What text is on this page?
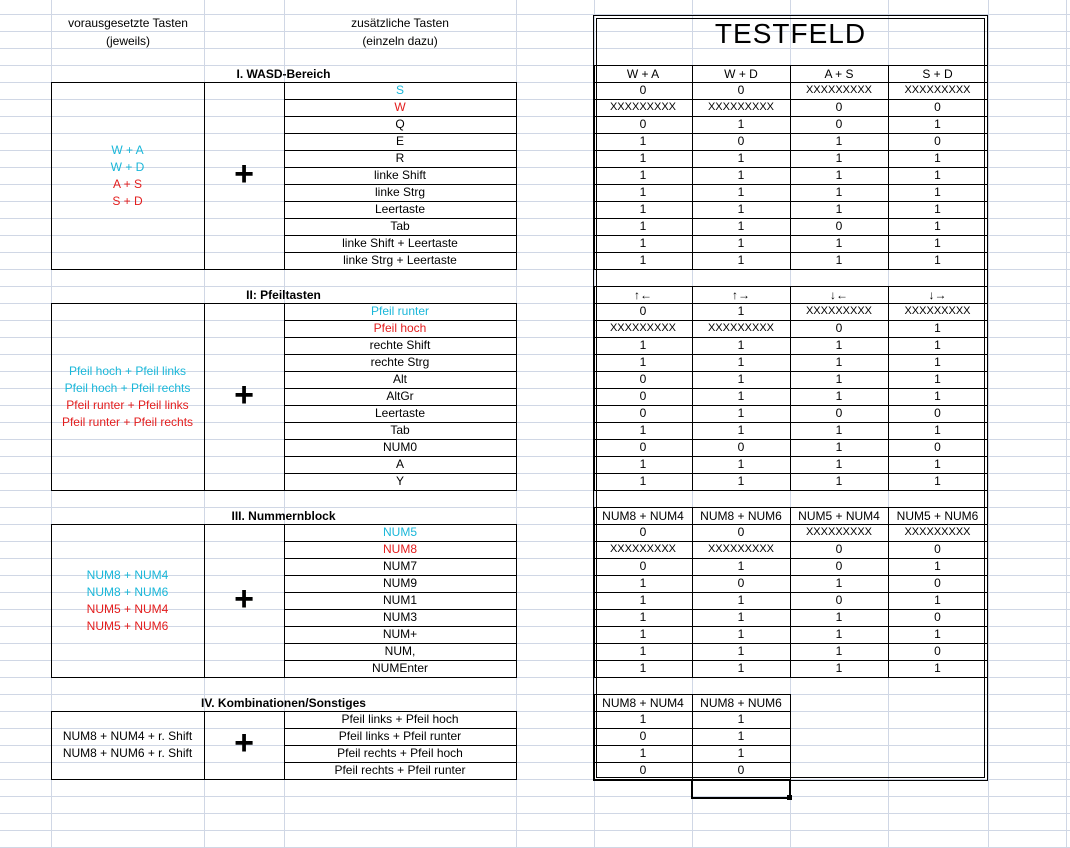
vorausgesetzte Tasten
(jeweils)
zusätzliche Tasten
(einzeln dazu)	TESTFELD
I. WASD-Bereich
W + A
W + D
A + S
S + D
+
W + A	W + D	A + S	S + D
S	0	0	XXXXXXXXX	XXXXXXXXX
W	XXXXXXXXX	XXXXXXXXX	0	0
Q	0	1	0	1
E	1	0	1	0
R	1	1	1	1
linke Shift	1	1	1	1
linke Strg	1	1	1	1
Leertaste	1	1	1	1
Tab	1	1	0	1
linke Shift + Leertaste	1	1	1	1
linke Strg + Leertaste	1	1	1	1
II: Pfeiltasten
Pfeil hoch + Pfeil links
Pfeil hoch + Pfeil rechts
Pfeil runter + Pfeil links
Pfeil runter + Pfeil rechts
+
↑←	↑→	↓←	↓→
Pfeil runter	0	1	XXXXXXXXX	XXXXXXXXX
Pfeil hoch	XXXXXXXXX	XXXXXXXXX	0	1
rechte Shift	1	1	1	1
rechte Strg	1	1	1	1
Alt	0	1	1	1
AltGr	0	1	1	1
Leertaste	0	1	0	0
Tab	1	1	1	1
NUM0	0	0	1	0
A	1	1	1	1
Y	1	1	1	1
III. Nummernblock
NUM8 + NUM4
NUM8 + NUM6
NUM5 + NUM4
NUM5 + NUM6
+
NUM8 + NUM4	NUM8 + NUM6	NUM5 + NUM4	NUM5 + NUM6
NUM5	0	0	XXXXXXXXX	XXXXXXXXX
NUM8	XXXXXXXXX	XXXXXXXXX	0	0
NUM7	0	1	0	1
NUM9	1	0	1	0
NUM1	1	1	0	1
NUM3	1	1	1	0
NUM+	1	1	1	1
NUM,	1	1	1	0
NUMEnter	1	1	1	1
IV. Kombinationen/Sonstiges
NUM8 + NUM4 + r. Shift
NUM8 + NUM6 + r. Shift	+
NUM8 + NUM4	NUM8 + NUM6
Pfeil links + Pfeil hoch	1	1
Pfeil links + Pfeil runter	0	1
Pfeil rechts + Pfeil hoch	1	1
Pfeil rechts + Pfeil runter	0	0
